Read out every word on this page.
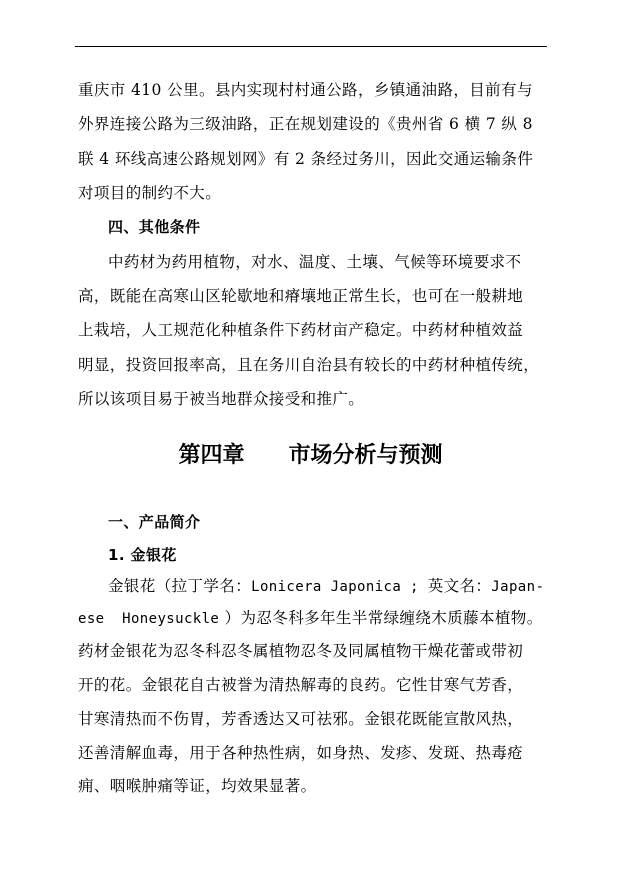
重庆市 410 公里。县内实现村村通公路，乡镇通油路，目前有与
外界连接公路为三级油路，正在规划建设的《贵州省 6 横 7 纵 8
联 4 环线高速公路规划网》有 2 条经过务川，因此交通运输条件
对项目的制约不大。
四、其他条件
中药材为药用植物，对水、温度、土壤、气候等环境要求不
高，既能在高寒山区轮歇地和瘠壤地正常生长，也可在一般耕地
上栽培，人工规范化种植条件下药材亩产稳定。中药材种植效益
明显，投资回报率高，且在务川自治县有较长的中药材种植传统，
所以该项目易于被当地群众接受和推广。
第四章　　市场分析与预测
一、产品简介
1. 金银花
金银花（拉丁学名：Lonicera Japonica ; 英文名：Japan-
ese  Honeysuckle ）为忍冬科多年生半常绿缠绕木质藤本植物。
药材金银花为忍冬科忍冬属植物忍冬及同属植物干燥花蕾或带初
开的花。金银花自古被誉为清热解毒的良药。它性甘寒气芳香，
甘寒清热而不伤胃，芳香透达又可祛邪。金银花既能宣散风热，
还善清解血毒，用于各种热性病，如身热、发疹、发斑、热毒疮
痈、咽喉肿痛等证，均效果显著。
